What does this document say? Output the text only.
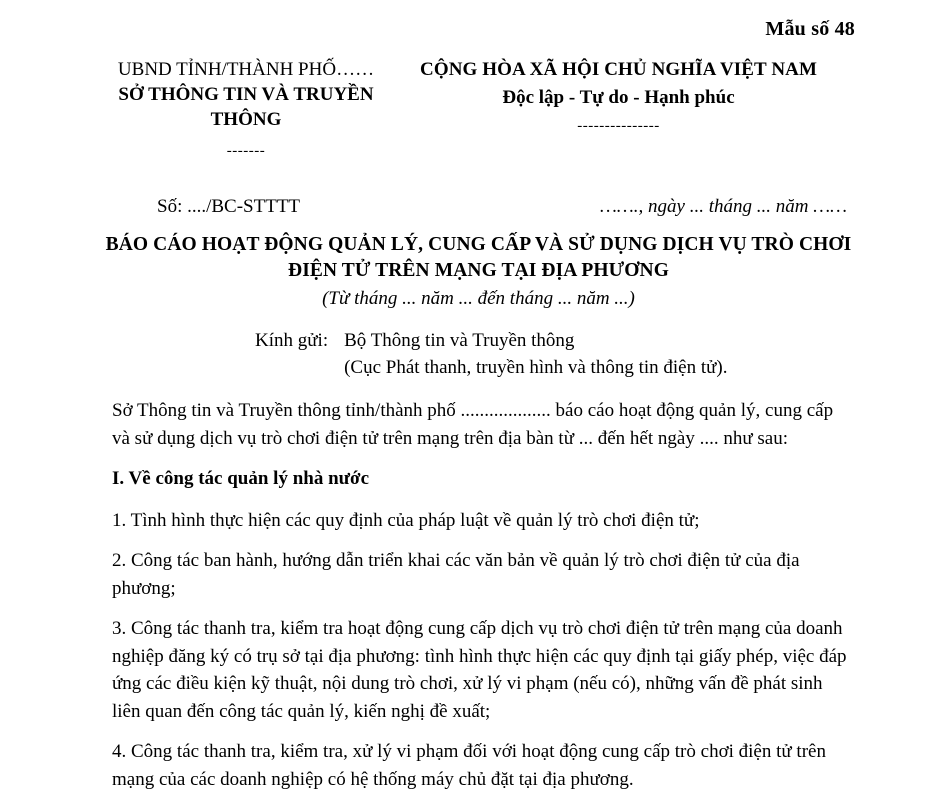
Mẫu số 48
UBND TỈNH/THÀNH PHỐ……
SỞ THÔNG TIN VÀ TRUYỀN THÔNG
-------
CỘNG HÒA XÃ HỘI CHỦ NGHĨA VIỆT NAM
Độc lập - Tự do - Hạnh phúc
---------------
Số: ..../BC-STTTT	……., ngày ... tháng ... năm ……
BÁO CÁO HOẠT ĐỘNG QUẢN LÝ, CUNG CẤP VÀ SỬ DỤNG DỊCH VỤ TRÒ CHƠI ĐIỆN TỬ TRÊN MẠNG TẠI ĐỊA PHƯƠNG
(Từ tháng ... năm ... đến tháng ... năm ...)
Kính gửi: Bộ Thông tin và Truyền thông
(Cục Phát thanh, truyền hình và thông tin điện tử).

Sở Thông tin và Truyền thông tỉnh/thành phố ................... báo cáo hoạt động quản lý, cung cấp và sử dụng dịch vụ trò chơi điện tử trên mạng trên địa bàn từ ... đến hết ngày .... như sau:

I. Về công tác quản lý nhà nước

1. Tình hình thực hiện các quy định của pháp luật về quản lý trò chơi điện tử;

2. Công tác ban hành, hướng dẫn triển khai các văn bản về quản lý trò chơi điện tử của địa phương;

3. Công tác thanh tra, kiểm tra hoạt động cung cấp dịch vụ trò chơi điện tử trên mạng của doanh nghiệp đăng ký có trụ sở tại địa phương: tình hình thực hiện các quy định tại giấy phép, việc đáp ứng các điều kiện kỹ thuật, nội dung trò chơi, xử lý vi phạm (nếu có), những vấn đề phát sinh liên quan đến công tác quản lý, kiến nghị đề xuất;

4. Công tác thanh tra, kiểm tra, xử lý vi phạm đối với hoạt động cung cấp trò chơi điện tử trên mạng của các doanh nghiệp có hệ thống máy chủ đặt tại địa phương.
